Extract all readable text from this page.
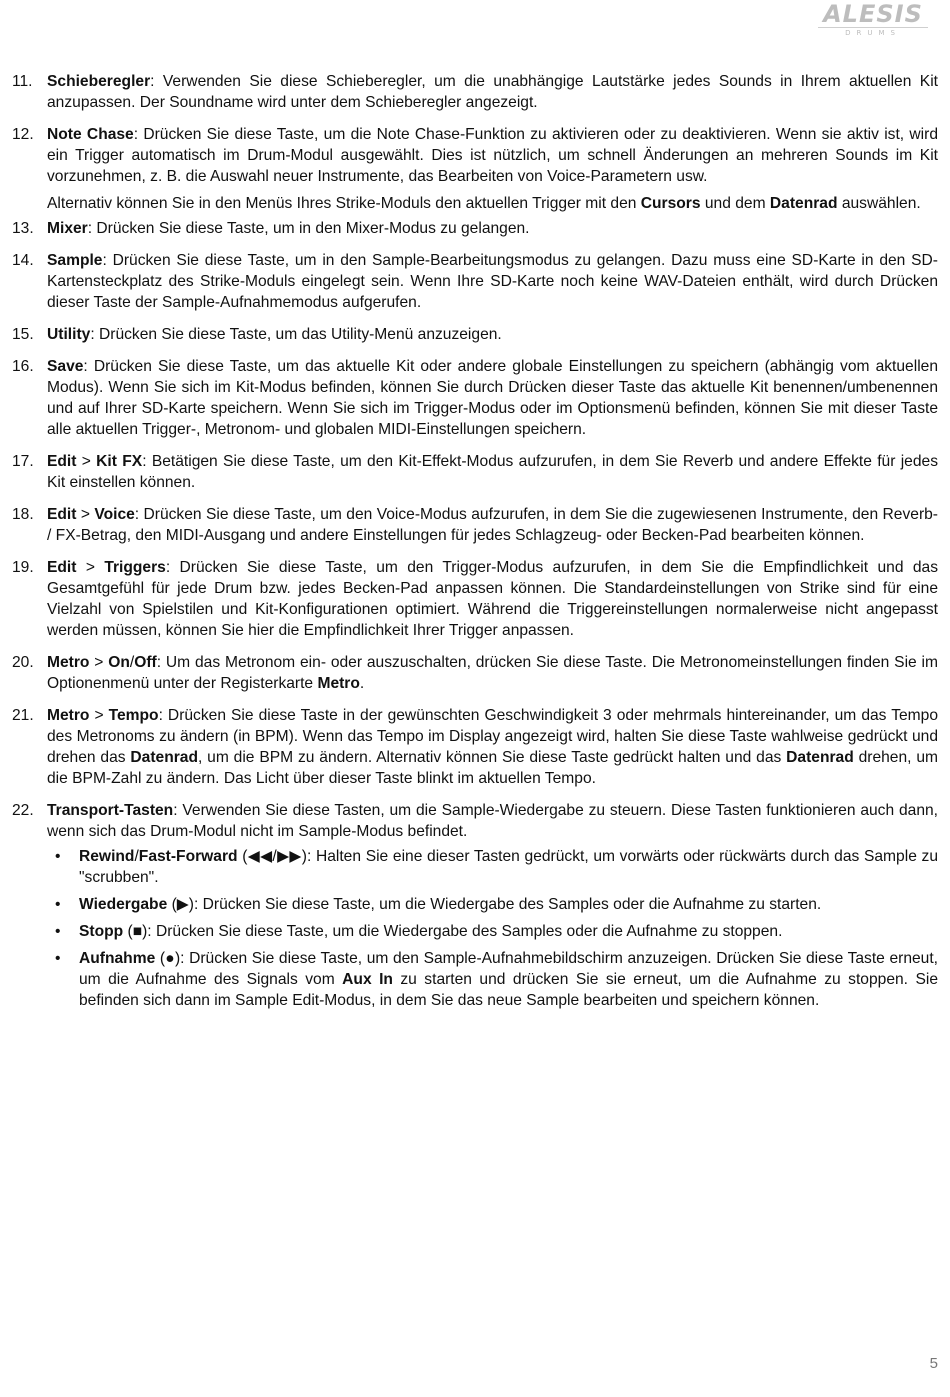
ALESIS
DRUMS
11. Schieberegler: Verwenden Sie diese Schieberegler, um die unabhängige Lautstärke jedes Sounds in Ihrem aktuellen Kit anzupassen. Der Soundname wird unter dem Schieberegler angezeigt.

12. Note Chase: Drücken Sie diese Taste, um die Note Chase-Funktion zu aktivieren oder zu deaktivieren. Wenn sie aktiv ist, wird ein Trigger automatisch im Drum-Modul ausgewählt. Dies ist nützlich, um schnell Änderungen an mehreren Sounds im Kit vorzunehmen, z. B. die Auswahl neuer Instrumente, das Bearbeiten von Voice-Parametern usw.

Alternativ können Sie in den Menüs Ihres Strike-Moduls den aktuellen Trigger mit den Cursors und dem Datenrad auswählen.

13. Mixer: Drücken Sie diese Taste, um in den Mixer-Modus zu gelangen.

14. Sample: Drücken Sie diese Taste, um in den Sample-Bearbeitungsmodus zu gelangen. Dazu muss eine SD-Karte in den SD-Kartensteckplatz des Strike-Moduls eingelegt sein. Wenn Ihre SD-Karte noch keine WAV-Dateien enthält, wird durch Drücken dieser Taste der Sample-Aufnahmemodus aufgerufen.

15. Utility: Drücken Sie diese Taste, um das Utility-Menü anzuzeigen.

16. Save: Drücken Sie diese Taste, um das aktuelle Kit oder andere globale Einstellungen zu speichern (abhängig vom aktuellen Modus). Wenn Sie sich im Kit-Modus befinden, können Sie durch Drücken dieser Taste das aktuelle Kit benennen/umbenennen und auf Ihrer SD-Karte speichern. Wenn Sie sich im Trigger-Modus oder im Optionsmenü befinden, können Sie mit dieser Taste alle aktuellen Trigger-, Metronom- und globalen MIDI-Einstellungen speichern.

17. Edit > Kit FX: Betätigen Sie diese Taste, um den Kit-Effekt-Modus aufzurufen, in dem Sie Reverb und andere Effekte für jedes Kit einstellen können.

18. Edit > Voice: Drücken Sie diese Taste, um den Voice-Modus aufzurufen, in dem Sie die zugewiesenen Instrumente, den Reverb- / FX-Betrag, den MIDI-Ausgang und andere Einstellungen für jedes Schlagzeug- oder Becken-Pad bearbeiten können.

19. Edit > Triggers: Drücken Sie diese Taste, um den Trigger-Modus aufzurufen, in dem Sie die Empfindlichkeit und das Gesamtgefühl für jede Drum bzw. jedes Becken-Pad anpassen können. Die Standardeinstellungen von Strike sind für eine Vielzahl von Spielstilen und Kit-Konfigurationen optimiert. Während die Triggereinstellungen normalerweise nicht angepasst werden müssen, können Sie hier die Empfindlichkeit Ihrer Trigger anpassen.

20. Metro > On/Off: Um das Metronom ein- oder auszuschalten, drücken Sie diese Taste. Die Metronomeinstellungen finden Sie im Optionenmenü unter der Registerkarte Metro.

21. Metro > Tempo: Drücken Sie diese Taste in der gewünschten Geschwindigkeit 3 oder mehrmals hintereinander, um das Tempo des Metronoms zu ändern (in BPM). Wenn das Tempo im Display angezeigt wird, halten Sie diese Taste wahlweise gedrückt und drehen das Datenrad, um die BPM zu ändern. Alternativ können Sie diese Taste gedrückt halten und das Datenrad drehen, um die BPM-Zahl zu ändern. Das Licht über dieser Taste blinkt im aktuellen Tempo.

22. Transport-Tasten: Verwenden Sie diese Tasten, um die Sample-Wiedergabe zu steuern. Diese Tasten funktionieren auch dann, wenn sich das Drum-Modul nicht im Sample-Modus befindet.

• Rewind/Fast-Forward (◀◀/▶▶): Halten Sie eine dieser Tasten gedrückt, um vorwärts oder rückwärts durch das Sample zu "scrubben".
• Wiedergabe (▶): Drücken Sie diese Taste, um die Wiedergabe des Samples oder die Aufnahme zu starten.
• Stopp (■): Drücken Sie diese Taste, um die Wiedergabe des Samples oder die Aufnahme zu stoppen.
• Aufnahme (●): Drücken Sie diese Taste, um den Sample-Aufnahmebildschirm anzuzeigen. Drücken Sie diese Taste erneut, um die Aufnahme des Signals vom Aux In zu starten und drücken Sie sie erneut, um die Aufnahme zu stoppen. Sie befinden sich dann im Sample Edit-Modus, in dem Sie das neue Sample bearbeiten und speichern können.
5
